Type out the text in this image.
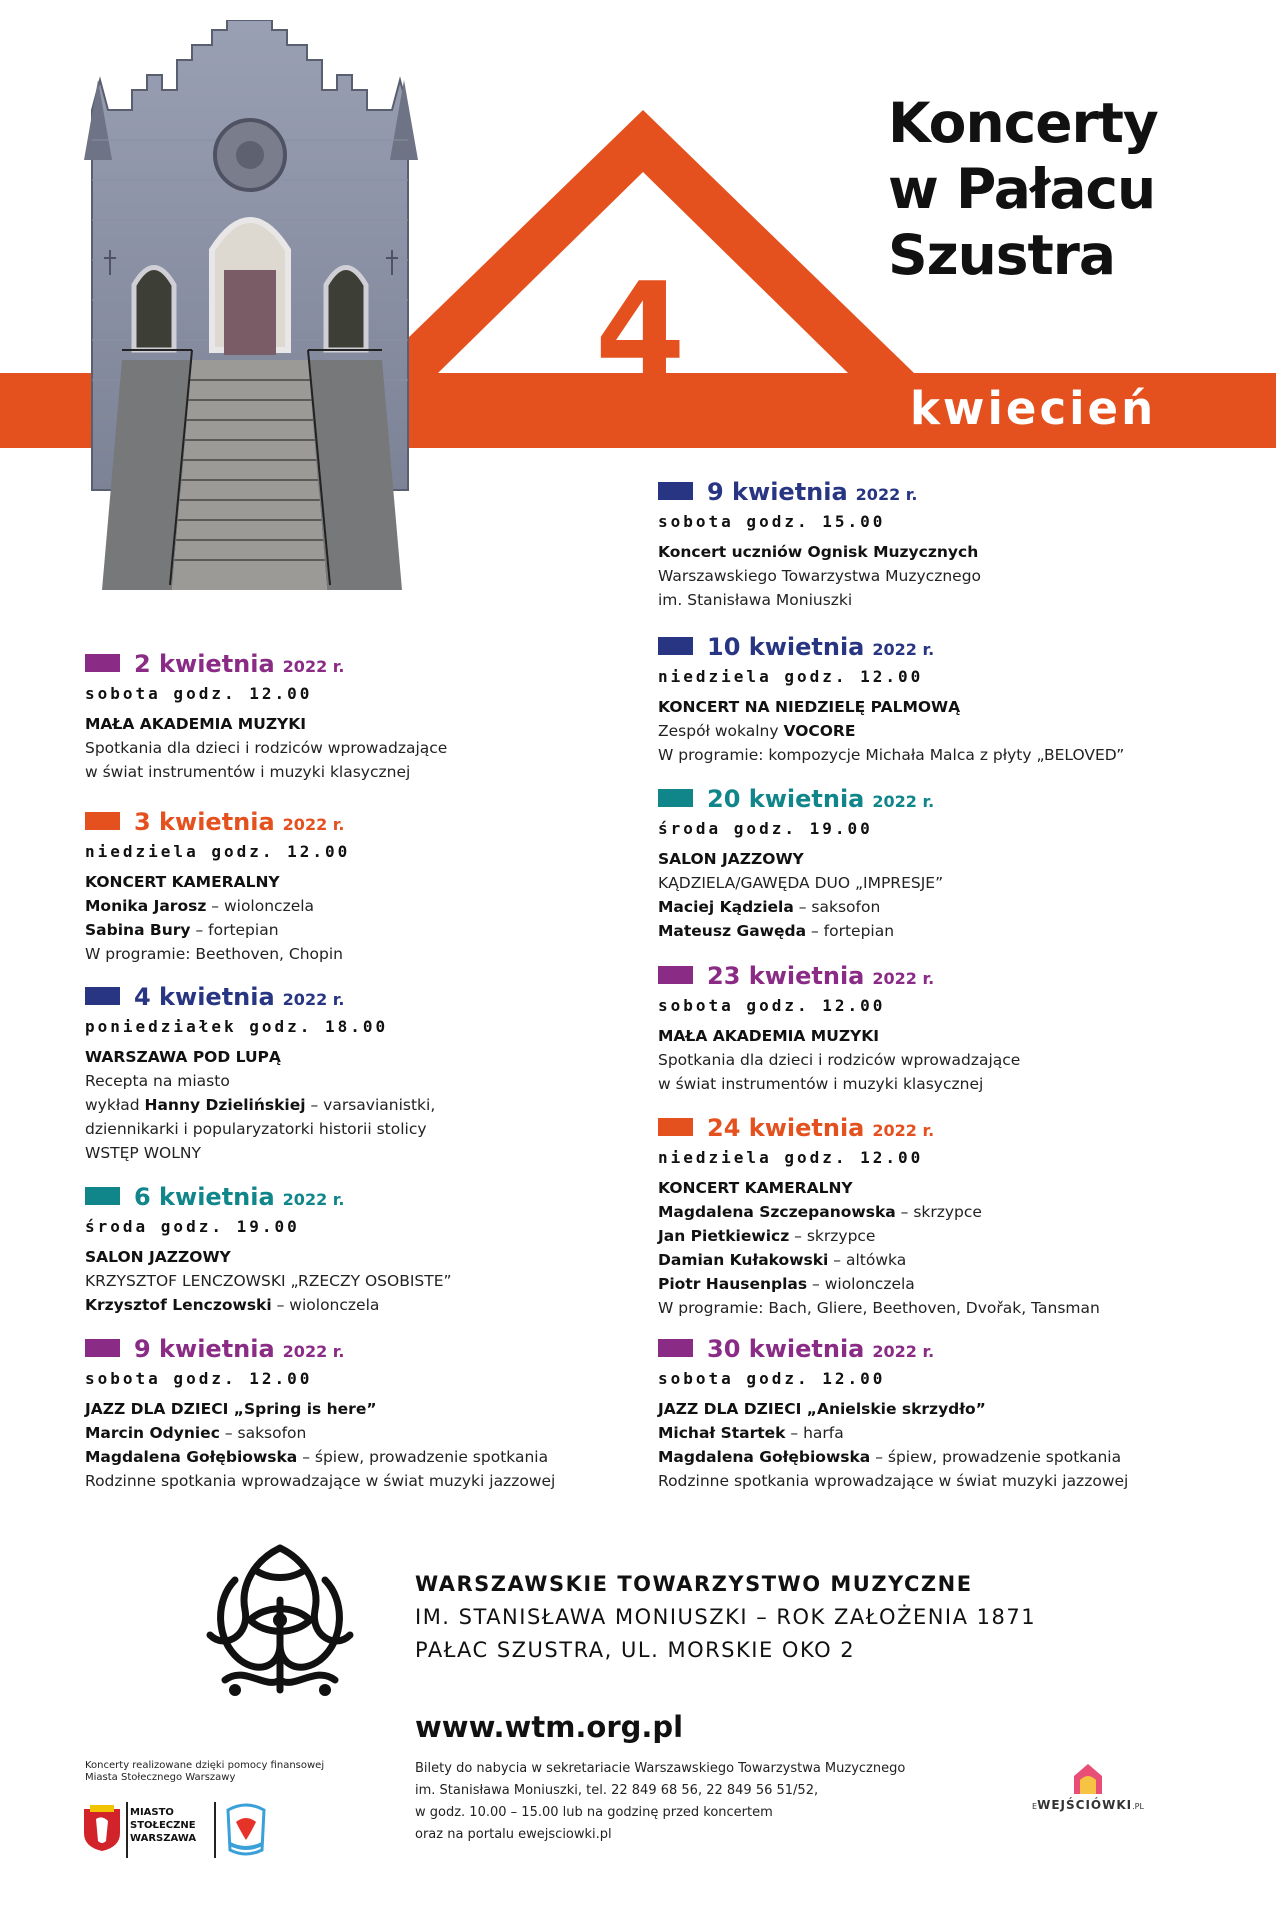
Koncerty
w Pałacu
Szustra
4
kwiecień
2 kwietnia 2022 r.
sobota godz. 12.00
MAŁA AKADEMIA MUZYKI
Spotkania dla dzieci i rodziców wprowadzające
w świat instrumentów i muzyki klasycznej
3 kwietnia 2022 r.
niedziela godz. 12.00
KONCERT KAMERALNY
Monika Jarosz – wiolonczela
Sabina Bury – fortepian
W programie: Beethoven, Chopin
4 kwietnia 2022 r.
poniedziałek godz. 18.00
WARSZAWA POD LUPĄ
Recepta na miasto
wykład Hanny Dzielińskiej – varsavianistki,
dziennikarki i popularyzatorki historii stolicy
WSTĘP WOLNY
6 kwietnia 2022 r.
środa godz. 19.00
SALON JAZZOWY
KRZYSZTOF LENCZOWSKI „RZECZY OSOBISTE”
Krzysztof Lenczowski – wiolonczela
9 kwietnia 2022 r.
sobota godz. 12.00
JAZZ DLA DZIECI „Spring is here”
Marcin Odyniec – saksofon
Magdalena Gołębiowska – śpiew, prowadzenie spotkania
Rodzinne spotkania wprowadzające w świat muzyki jazzowej
9 kwietnia 2022 r.
sobota godz. 15.00
Koncert uczniów Ognisk Muzycznych
Warszawskiego Towarzystwa Muzycznego
im. Stanisława Moniuszki
10 kwietnia 2022 r.
niedziela godz. 12.00
KONCERT NA NIEDZIELĘ PALMOWĄ
Zespół wokalny VOCORE
W programie: kompozycje Michała Malca z płyty „BELOVED”
20 kwietnia 2022 r.
środa godz. 19.00
SALON JAZZOWY
KĄDZIELA/GAWĘDA DUO „IMPRESJE”
Maciej Kądziela – saksofon
Mateusz Gawęda – fortepian
23 kwietnia 2022 r.
sobota godz. 12.00
MAŁA AKADEMIA MUZYKI
Spotkania dla dzieci i rodziców wprowadzające
w świat instrumentów i muzyki klasycznej
24 kwietnia 2022 r.
niedziela godz. 12.00
KONCERT KAMERALNY
Magdalena Szczepanowska – skrzypce
Jan Pietkiewicz – skrzypce
Damian Kułakowski – altówka
Piotr Hausenplas – wiolonczela
W programie: Bach, Gliere, Beethoven, Dvořak, Tansman
30 kwietnia 2022 r.
sobota godz. 12.00
JAZZ DLA DZIECI „Anielskie skrzydło”
Michał Startek – harfa
Magdalena Gołębiowska – śpiew, prowadzenie spotkania
Rodzinne spotkania wprowadzające w świat muzyki jazzowej
WARSZAWSKIE TOWARZYSTWO MUZYCZNE
IM. STANISŁAWA MONIUSZKI – ROK ZAŁOŻENIA 1871
PAŁAC SZUSTRA, UL. MORSKIE OKO 2
www.wtm.org.pl
Bilety do nabycia w sekretariacie Warszawskiego Towarzystwa Muzycznego
im. Stanisława Moniuszki, tel. 22 849 68 56, 22 849 56 51/52,
w godz. 10.00 – 15.00 lub na godzinę przed koncertem
oraz na portalu ewejsciowki.pl
Koncerty realizowane dzięki pomocy finansowej
Miasta Stołecznego Warszawy
MIASTO
STOŁECZNE
WARSZAWA
EWEJŚCIÓWKI.PL
